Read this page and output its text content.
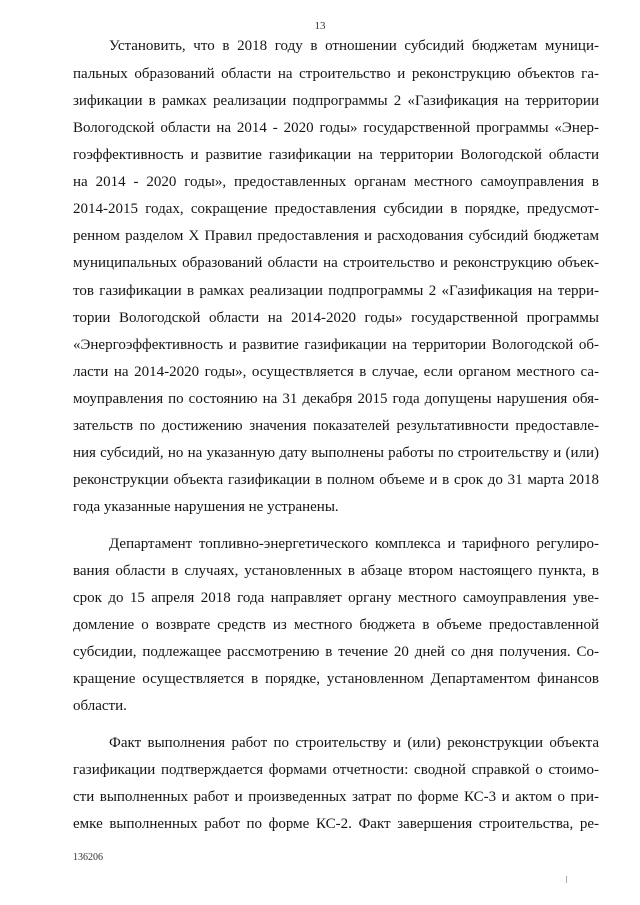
13
Установить, что в 2018 году в отношении субсидий бюджетам муници-
пальных образований области на строительство и реконструкцию объектов га-
зификации в рамках реализации подпрограммы 2 «Газификация на территории
Вологодской области на 2014 - 2020 годы» государственной программы «Энер-
гоэффективность и развитие газификации на территории Вологодской области
на 2014 - 2020 годы», предоставленных органам местного самоуправления в
2014-2015 годах, сокращение предоставления субсидии в порядке, предусмот-
ренном разделом X Правил предоставления и расходования субсидий бюджетам
муниципальных образований области на строительство и реконструкцию объек-
тов газификации в рамках реализации подпрограммы 2 «Газификация на терри-
тории Вологодской области на 2014-2020 годы» государственной программы
«Энергоэффективность и развитие газификации на территории Вологодской об-
ласти на 2014-2020 годы», осуществляется в случае, если органом местного са-
моуправления по состоянию на 31 декабря 2015 года допущены нарушения обя-
зательств по достижению значения показателей результативности предоставле-
ния субсидий, но на указанную дату выполнены работы по строительству и (или)
реконструкции объекта газификации в полном объеме и в срок до 31 марта 2018
года указанные нарушения не устранены.
Департамент топливно-энергетического комплекса и тарифного регулиро-
вания области в случаях, установленных в абзаце втором настоящего пункта, в
срок до 15 апреля 2018 года направляет органу местного самоуправления уве-
домление о возврате средств из местного бюджета в объеме предоставленной
субсидии, подлежащее рассмотрению в течение 20 дней со дня получения. Со-
кращение осуществляется в порядке, установленном Департаментом финансов
области.
Факт выполнения работ по строительству и (или) реконструкции объекта
газификации подтверждается формами отчетности: сводной справкой о стоимо-
сти выполненных работ и произведенных затрат по форме КС-3 и актом о при-
емке выполненных работ по форме КС-2. Факт завершения строительства, ре-
136206
